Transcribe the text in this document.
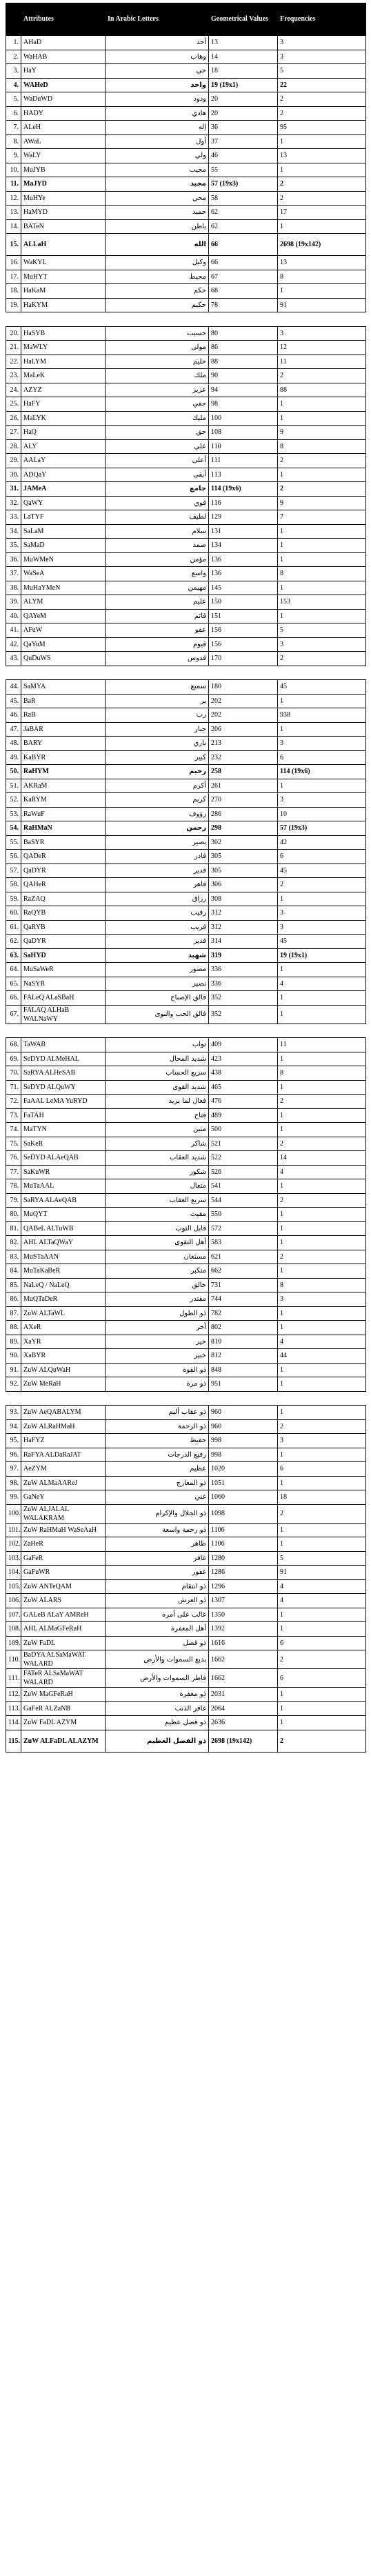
	Attributes	In Arabic Letters	Geometrical Values	Frequencies
1.	AHaD	أحد	13	3
2.	WaHAB	وهاب	14	3
3.	HaY	حي	18	5
4.	WAHeD	واحد	19 (19x1)	22
5.	WaDuWD	ودود	20	2
6.	HADY	هادي	20	2
7.	ALeH	إله	36	95
8.	AWaL	أول	37	1
9.	WaLY	ولي	46	13
10.	MuJYB	مجيب	55	1
11.	MaJYD	مجيد	57 (19x3)	2
12.	MuHYe	محي	58	2
13.	HaMYD	حميد	62	17
14.	BATeN	باطن	62	1
15.	ALLaH	الله	66	2698 (19x142)
16.	WaKYL	وكيل	66	13
17.	MuHYT	محيط	67	8
18.	HaKaM	حكم	68	1
19.	HaKYM	حكيم	78	91

20.	HaSYB	حسيب	80	3
21.	MaWLY	مولى	86	12
22.	HaLYM	حليم	88	11
23.	MaLeK	ملك	90	2
24.	AZYZ	عزيز	94	88
25.	HaFY	حفي	98	1
26.	MaLYK	مليك	100	1
27.	HaQ	حق	108	9
28.	ALY	علي	110	8
29.	AALaY	أعلى	111	2
30.	ADQaY	أبقى	113	1
31.	JAMeA	جامع	114 (19x6)	2
32.	QaWY	قوي	116	9
33.	LaTYF	لطيف	129	7
34.	SaLaM	سلام	131	1
35.	SaMaD	صمد	134	1
36.	MuWMeN	مؤمن	136	1
37.	WaSeA	واسع	136	8
38.	MuHaYMeN	مهيمن	145	1
39.	ALYM	عليم	150	153
40.	QAYeM	قائم	151	1
41.	AFuW	عفو	156	5
42.	QaYuM	قيوم	156	3
43.	QuDuWS	قدوس	170	2

44.	SaMYA	سميع	180	45
45.	BaR	بر	202	1
46.	RaB	رب	202	938
47.	JaBAR	جبار	206	1
48.	BARY	باري	213	3
49.	KaBYR	كبير	232	6
50.	RaHYM	رحيم	258	114 (19x6)
51.	AKRaM	أكرم	261	1
52.	KaRYM	كريم	270	3
53.	RaWuF	رؤوف	286	10
54.	RaHMaN	رحمن	298	57 (19x3)
55.	BaSYR	بصير	302	42
56.	QADeR	قادر	305	6
57.	QaDYR	قدير	305	45
58.	QAHeR	قاهر	306	2
59.	RaZAQ	رزاق	308	1
60.	RaQYB	رقيب	312	3
61.	QaRYB	قريب	312	3
62.	QaDYR	قدير	314	45
63.	SaHYD	شهيد	319	19 (19x1)
64.	MuSaWeR	مصور	336	1
65.	NaSYR	نصير	336	4
66.	FALeQ ALaSBaH	فالق الإصباح	352	1
67.	FALAQ ALHaB WALNaWY	فالق الحب والنوى	352	1

68.	TaWAB	تواب	409	11
69.	SeDYD ALMeHAL	شديد المحال	423	1
70.	SaRYA ALHeSAB	سريع الحساب	438	8
71.	SeDYD ALQuWY	شديد القوى	465	1
72.	FaAAL LeMA YuRYD	فعال لما يريد	476	2
73.	FaTAH	فتاح	489	1
74.	MaTYN	متين	500	1
75.	SaKeR	شاكر	521	2
76.	SeDYD ALAeQAB	شديد العقاب	522	14
77.	SaKuWR	شكور	526	4
78.	MuTaAAL	متعال	541	1
79.	SaRYA ALAeQAB	سريع العقاب	544	2
80.	MuQYT	مقيت	550	1
81.	QABeL ALTuWB	قابل التوب	572	1
82.	AHL ALTaQWaY	أهل التقوى	583	1
83.	MuSTaAAN	مستعان	621	2
84.	MuTaKaBeR	متكبر	662	1
85.	NaLeQ / NaLeQ	خالق	731	8
86.	MuQTaDeR	مقتدر	744	3
87.	ZuW ALTaWL	ذو الطول	782	1
88.	AXeR	آخر	802	1
89.	XaYR	خير	810	4
90.	XaBYR	خبير	812	44
91.	ZuW ALQuWaH	ذو القوة	848	1
92.	ZuW MeRaH	ذو مرة	951	1

93.	ZuW AeQABALYM	ذو عقاب أليم	960	1
94.	ZuW ALRaHMaH	ذو الرحمة	960	2
95.	HaFYZ	حفيظ	998	3
96.	RaFYA ALDaRaJAT	رفيع الدرجات	998	1
97.	AeZYM	عظيم	1020	6
98.	ZuW ALMaAAReJ	ذو المعارج	1051	1
99.	GaNeY	غني	1060	18
100.	ZuW ALJALAL WALAKRAM	ذو الجلال والإكرام	1098	2
101.	ZuW RaHMaH WaSeAaH	ذو رحمة واسعة	1106	1
102.	ZaHeR	ظاهر	1106	1
103.	GaFeR	غافر	1280	5
104.	GaFuWR	غفور	1286	91
105.	ZuW ANTeQAM	ذو انتقام	1296	4
106.	ZuW ALARS	ذو العرش	1307	4
107.	GALeB ALaY AMReH	غالب على أمره	1350	1
108.	AHL ALMaGFeRaH	أهل المغفرة	1392	1
109.	ZuW FaDL	ذو فضل	1616	6
110.	BaDYA ALSaMaWAT WALARD	بديع السموات والأرض	1662	2
111.	FATeR ALSaMaWAT WALARD	فاطر السموات والأرض	1662	6
112.	ZuW MaGFeRaH	ذو مغفرة	2031	1
113.	GaFeR ALZaNB	غافر الذنب	2064	1
114.	ZuW FaDL AZYM	ذو فضل عظيم	2636	1
115.	ZuW ALFaDL ALAZYM	ذو الفضل العظيم	2698 (19x142)	2
